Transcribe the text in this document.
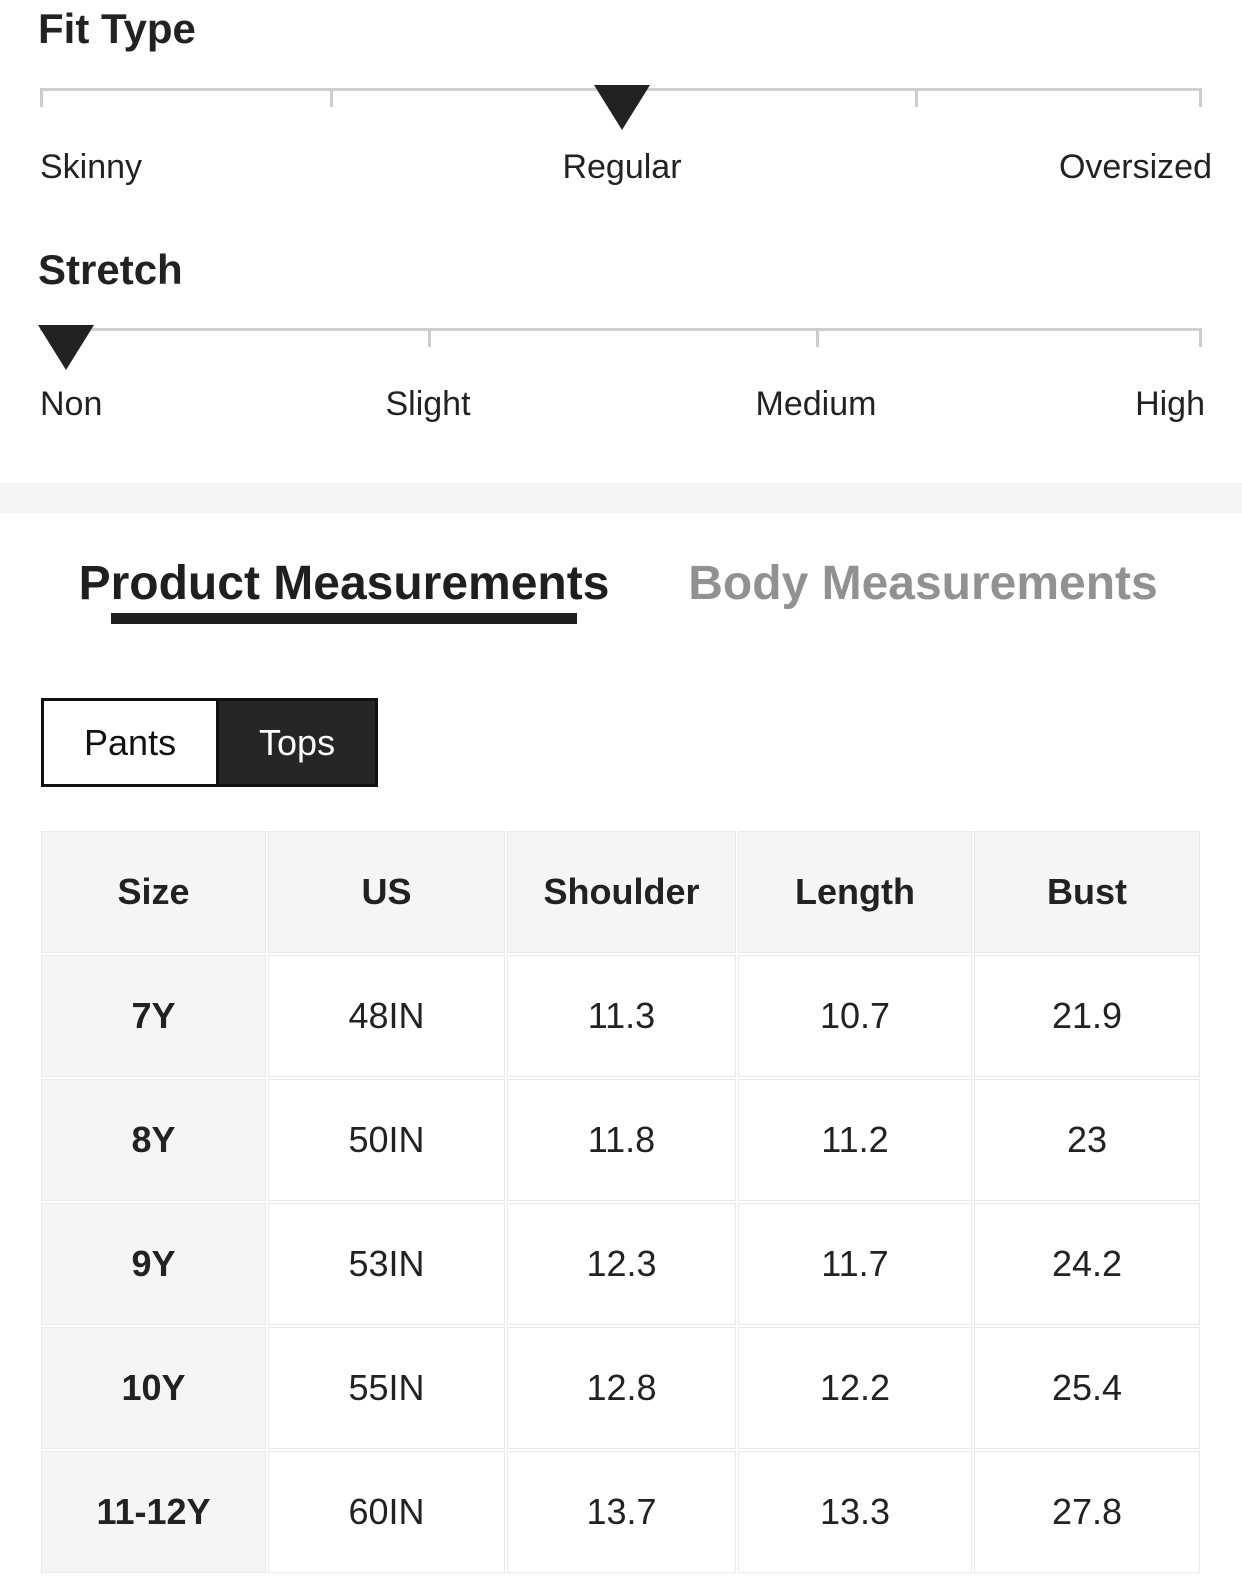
Fit Type
Skinny	Regular	Oversized
Stretch
Non	Slight	Medium	High
Product Measurements Body Measurements
Pants	Tops
Size	US	Shoulder	Length	Bust
7Y	48IN	11.3	10.7	21.9
8Y	50IN	11.8	11.2	23
9Y	53IN	12.3	11.7	24.2
10Y	55IN	12.8	12.2	25.4
11-12Y	60IN	13.7	13.3	27.8
